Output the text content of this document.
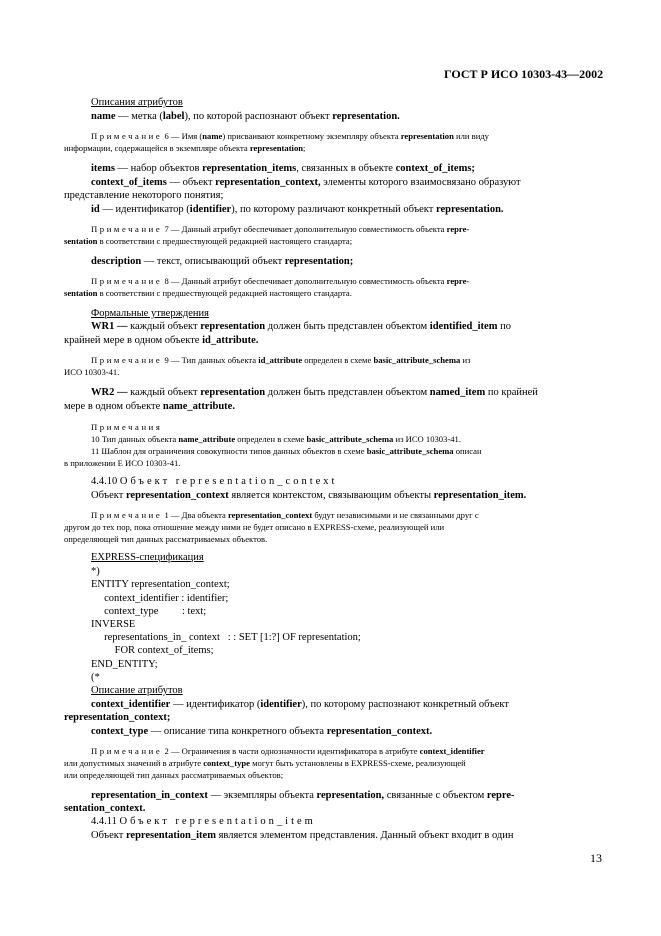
ГОСТ Р ИСО 10303-43—2002
Описания атрибутов
name — метка (label), по которой распознают объект representation.
Примечание 6 — Имя (name) присваивают конкретному экземпляру объекта representation или виду
информации, содержащейся в экземпляре объекта representation;
items — набор объектов representation_items, связанных в объекте context_of_items;
context_of_items — объект representation_context, элементы которого взаимосвязано образуют
представление некоторого понятия;
id — идентификатор (identifier), по которому различают конкретный объект representation.
Примечание 7 — Данный атрибут обеспечивает дополнительную совместимость объекта repre-
sentation в соответствии с предшествующей редакцией настоящего стандарта;
description — текст, описывающий объект representation;
Примечание 8 — Данный атрибут обеспечивает дополнительную совместимость объекта repre-
sentation в соответствии с предшествующей редакцией настоящего стандарта.
Формальные утверждения
WR1 — каждый объект representation должен быть представлен объектом identified_item по
крайней мере в одном объекте id_attribute.
Примечание 9 — Тип данных объекта id_attribute определен в схеме basic_attribute_schema из
ИСО 10303-41.
WR2 — каждый объект representation должен быть представлен объектом named_item по крайней
мере в одном объекте name_attribute.
Примечания
10 Тип данных объекта name_attribute определен в схеме basic_attribute_schema из ИСО 10303-41.
11 Шаблон для ограничения совокупности типов данных объектов в схеме basic_attribute_schema описан
в приложении Е ИСО 10303-41.
4.4.10 Объект representation_context
Объект representation_context является контекстом, связывающим объекты representation_item.
Примечание 1 — Два объекта representation_context будут независимыми и не связанными друг с
другом до тех пор, пока отношение между ними не будет описано в EXPRESS-схеме, реализующей или
определяющей тип данных рассматриваемых объектов.
EXPRESS-спецификация
*)
ENTITY representation_context;
context_identifier : identifier;
context_type         : text;
INVERSE
representations_in_ context   : : SET [1:?] OF representation;
FOR context_of_items;
END_ENTITY;
(*
Описание атрибутов
context_identifier — идентификатор (identifier), по которому распознают конкретный объект
representation_context;
context_type — описание типа конкретного объекта representation_context.
Примечание 2 — Ограничения в части однозначности идентификатора в атрибуте context_identifier
или допустимых значений в атрибуте context_type могут быть установлены в EXPRESS-схеме, реализующей
или определяющей тип данных рассматриваемых объектов;
representation_in_context — экземпляры объекта representation, связанные с объектом repre-
sentation_context.
4.4.11 Объект representation_item
Объект representation_item является элементом представления. Данный объект входит в один
13
